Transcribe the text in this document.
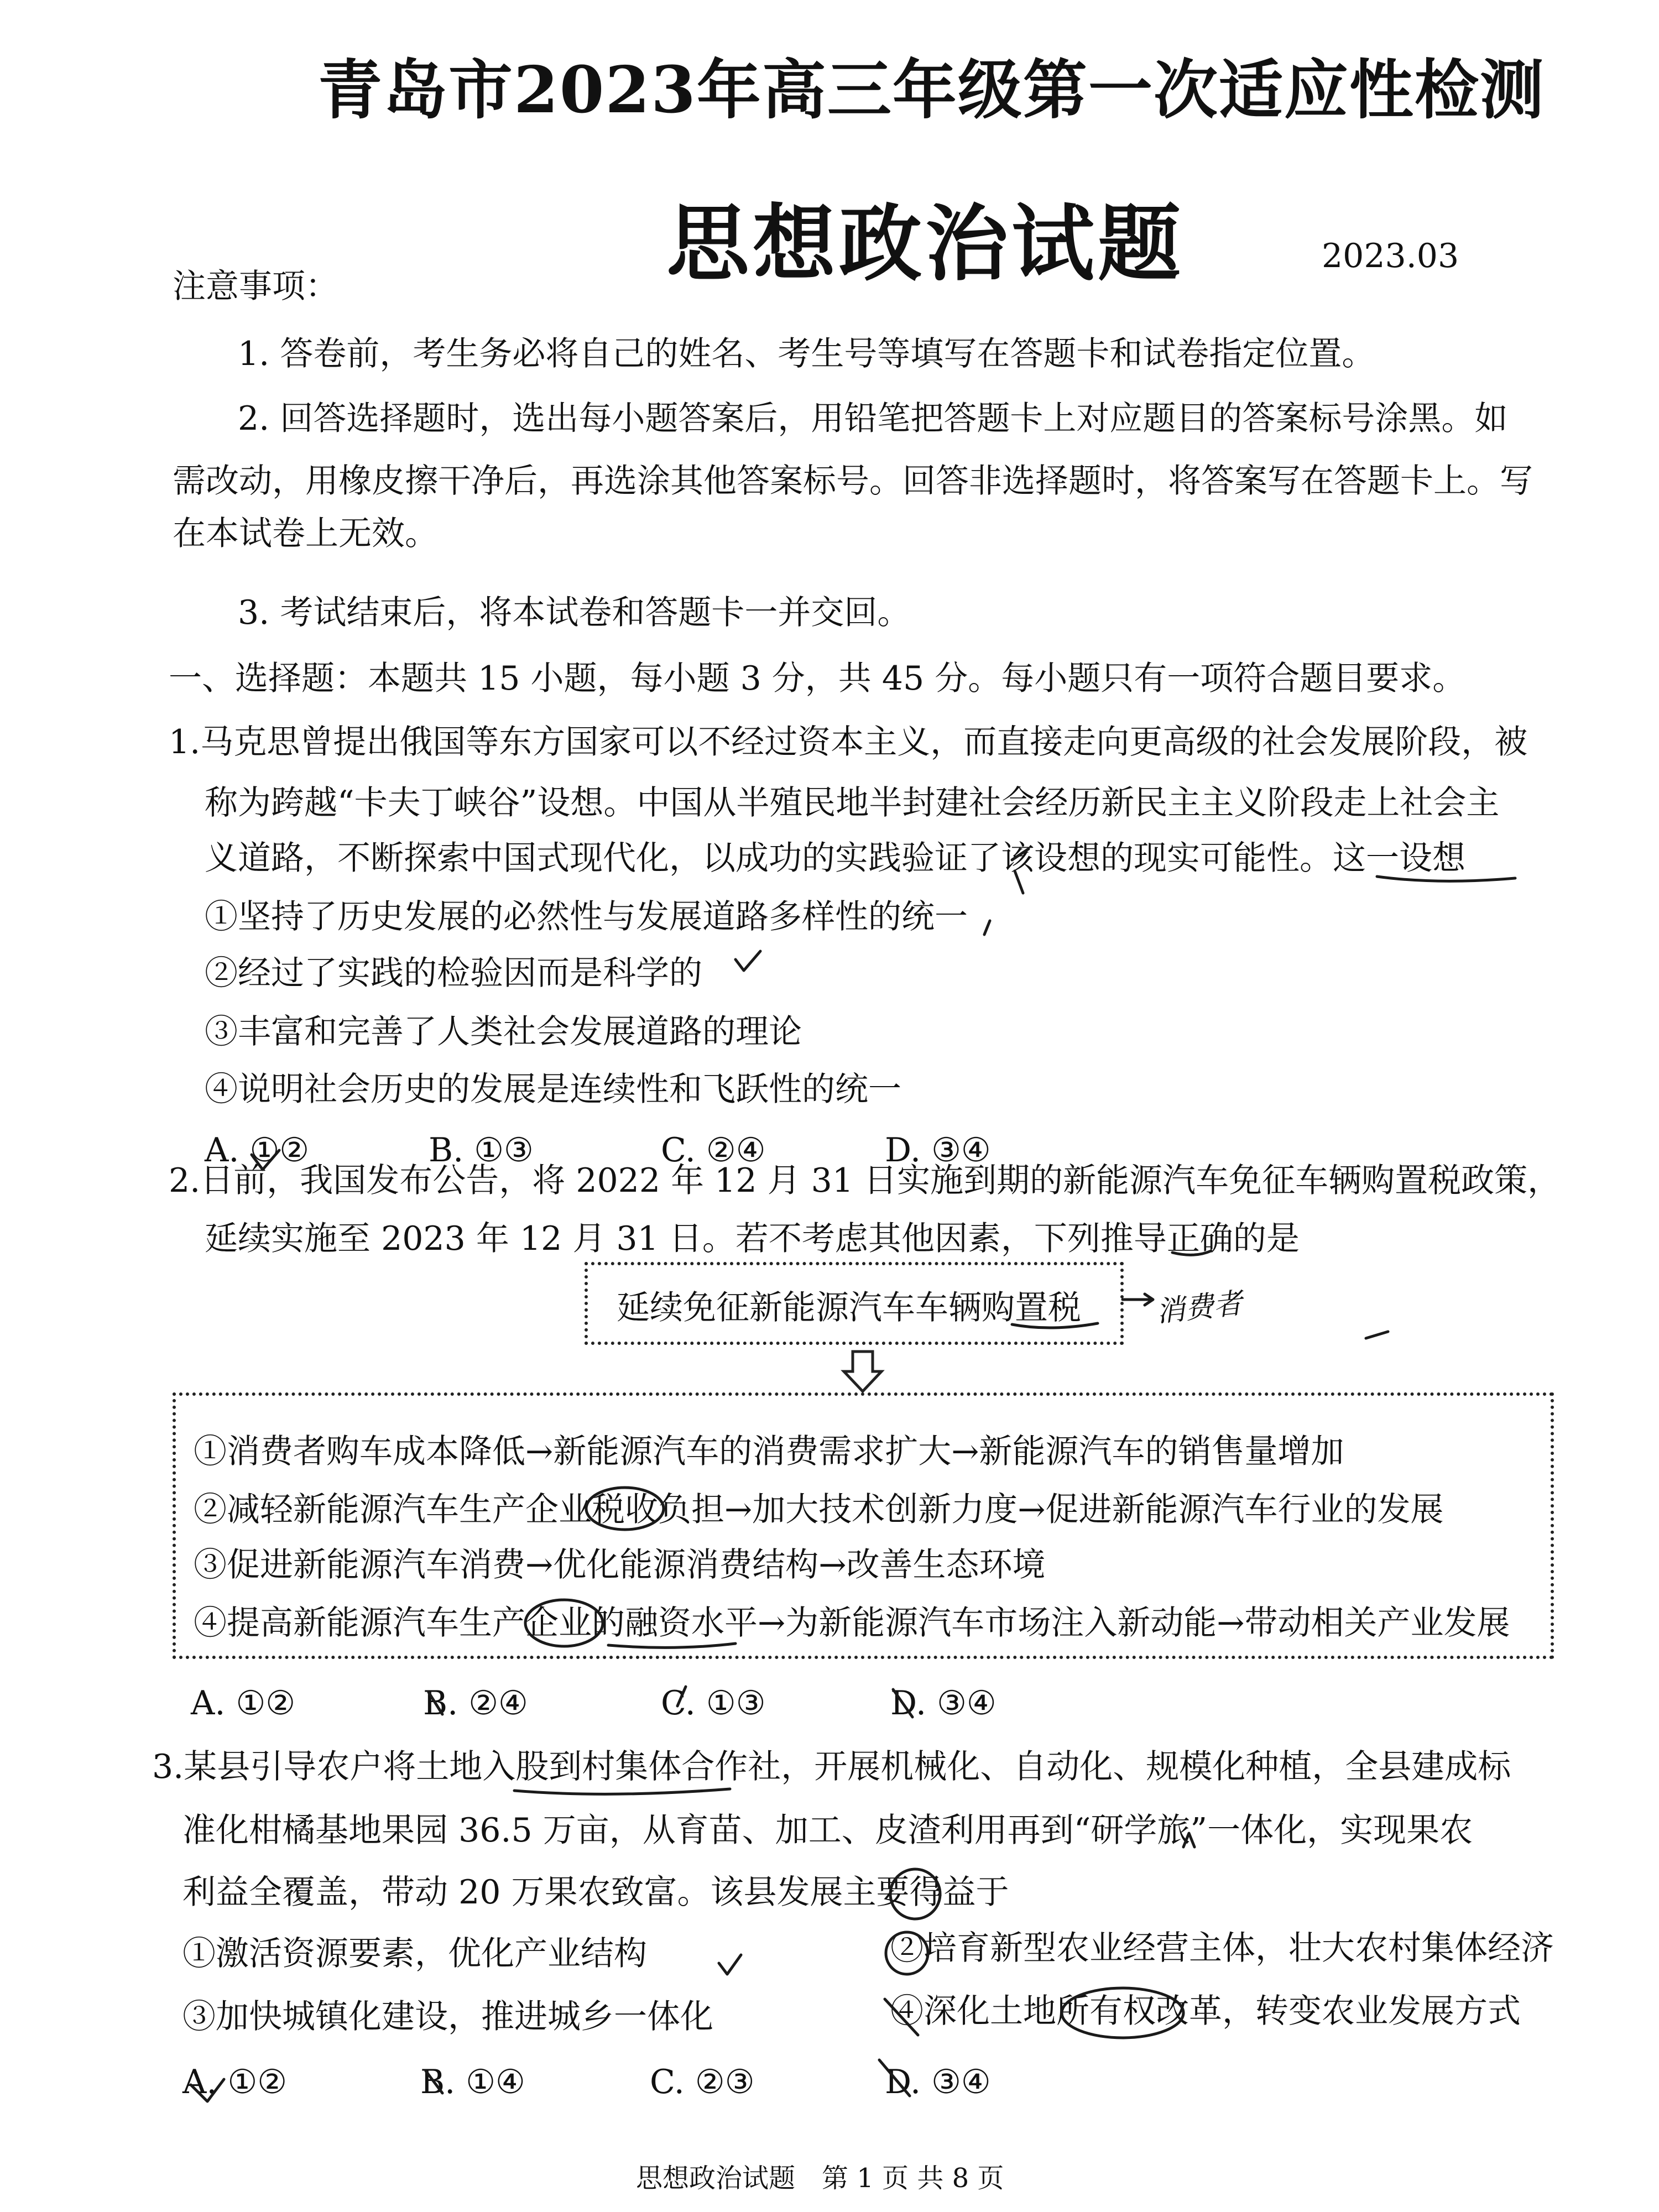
青岛市2023年高三年级第一次适应性检测
思想政治试题	2023.03
注意事项：
1. 答卷前，考生务必将自己的姓名、考生号等填写在答题卡和试卷指定位置。
2. 回答选择题时，选出每小题答案后，用铅笔把答题卡上对应题目的答案标号涂黑。如
需改动，用橡皮擦干净后，再选涂其他答案标号。回答非选择题时，将答案写在答题卡上。写
在本试卷上无效。
3. 考试结束后，将本试卷和答题卡一并交回。
一、选择题：本题共 15 小题，每小题 3 分，共 45 分。每小题只有一项符合题目要求。
1.马克思曾提出俄国等东方国家可以不经过资本主义，而直接走向更高级的社会发展阶段，被
称为跨越“卡夫丁峡谷”设想。中国从半殖民地半封建社会经历新民主主义阶段走上社会主
义道路，不断探索中国式现代化，以成功的实践验证了该设想的现实可能性。这一设想
①坚持了历史发展的必然性与发展道路多样性的统一
②经过了实践的检验因而是科学的
③丰富和完善了人类社会发展道路的理论
④说明社会历史的发展是连续性和飞跃性的统一
A. ①②	B. ①③	C. ②④	D. ③④
2.日前，我国发布公告，将 2022 年 12 月 31 日实施到期的新能源汽车免征车辆购置税政策，
延续实施至 2023 年 12 月 31 日。若不考虑其他因素，下列推导正确的是
延续免征新能源汽车车辆购置税
①消费者购车成本降低→新能源汽车的消费需求扩大→新能源汽车的销售量增加
②减轻新能源汽车生产企业税收负担→加大技术创新力度→促进新能源汽车行业的发展
③促进新能源汽车消费→优化能源消费结构→改善生态环境
④提高新能源汽车生产企业的融资水平→为新能源汽车市场注入新动能→带动相关产业发展
A. ①②	B. ②④	C. ①③	D. ③④
3.某县引导农户将土地入股到村集体合作社，开展机械化、自动化、规模化种植，全县建成标
准化柑橘基地果园 36.5 万亩，从育苗、加工、皮渣利用再到“研学旅”一体化，实现果农
利益全覆盖，带动 20 万果农致富。该县发展主要得益于
①激活资源要素，优化产业结构	②培育新型农业经营主体，壮大农村集体经济
③加快城镇化建设，推进城乡一体化	④深化土地所有权改革，转变农业发展方式
A. ①②	B. ①④	C. ②③	D. ③④
思想政治试题　第 1 页 共 8 页
消费者
